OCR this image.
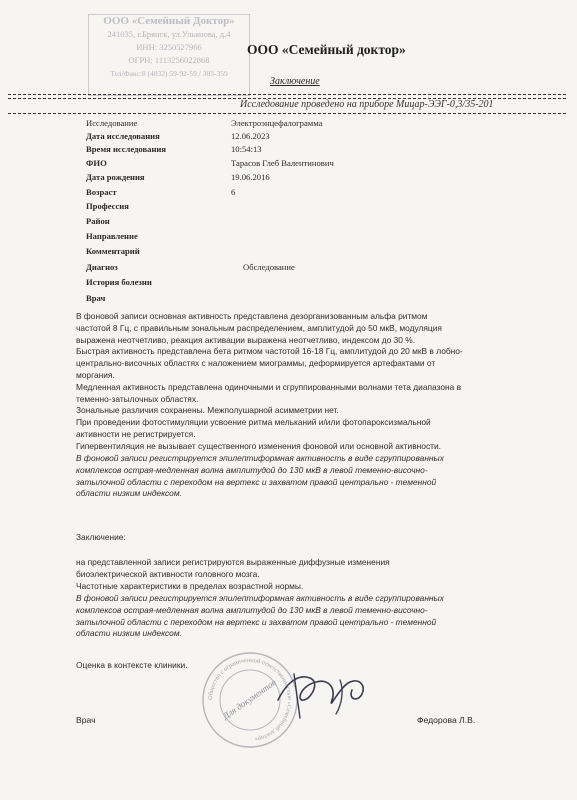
ООО «Семейный Доктор»
241035, г.Брянск, ул.Ульянова, д.4
ИНН: 3250527966
ОГРН: 1113256022868
Тел/Факс:8 (4832) 59-92-59 / 303-359
ООО «Семейный доктор»
Заключение
Исследование проведено на приборе Мицар-ЭЭГ-0,3/35-201
Исследование	Электроэнцефалограмма
Дата исследования	12.06.2023
Время исследования	10:54:13
ФИО	Тарасов Глеб Валентинович
Дата рождения	19.06.2016
Возраст	6
Профессия
Район
Направление
Комментарий
Диагноз	Обследование
История болезни
Врач
В фоновой записи основная активность представлена дезорганизованным альфа ритмом
частотой 8 Гц, с правильным зональным распределением, амплитудой до 50 мкВ, модуляция
выражена неотчетливо, реакция активации выражена неотчетливо, индексом до 30 %.
Быстрая активность представлена бета ритмом частотой 16-18 Гц, амплитудой до 20 мкВ в лобно-
центрально-височных областях с наложением миограммы, деформируется артефактами от
моргания.
Медленная активность представлена одиночными и сгруппированными волнами тета диапазона в
теменно-затылочных областях.
Зональные различия сохранены. Межполушарной асимметрии нет.
При проведении фотостимуляции усвоение ритма мельканий и/или фотопароксизмальной
активности не регистрируется.
Гипервентиляция не вызывает существенного изменения фоновой или основной активности.
В фоновой записи регистрируется эпилептиформная активность в виде сгруппированных
комплексов острая-медленная волна амплитудой до 130 мкВ в левой теменно-височно-
затылочной области с переходом на вертекс и захватом правой центрально - теменной
области низким индексом.
Заключение:
на представленной записи регистрируются выраженные диффузные изменения
биоэлектрической активности головного мозга.
Частотные характеристики в пределах возрастной нормы.
В фоновой записи регистрируется эпилептиформная активность в виде сгруппированных
комплексов острая-медленная волна амплитудой до 130 мкВ в левой теменно-височно-
затылочной области с переходом на вертекс и захватом правой центрально - теменной
области низким индексом.
Оценка в контексте клиники.
Врач	Федорова Л.В.
Общество с ограниченной ответственностью «Семейный доктор»
Для документов
